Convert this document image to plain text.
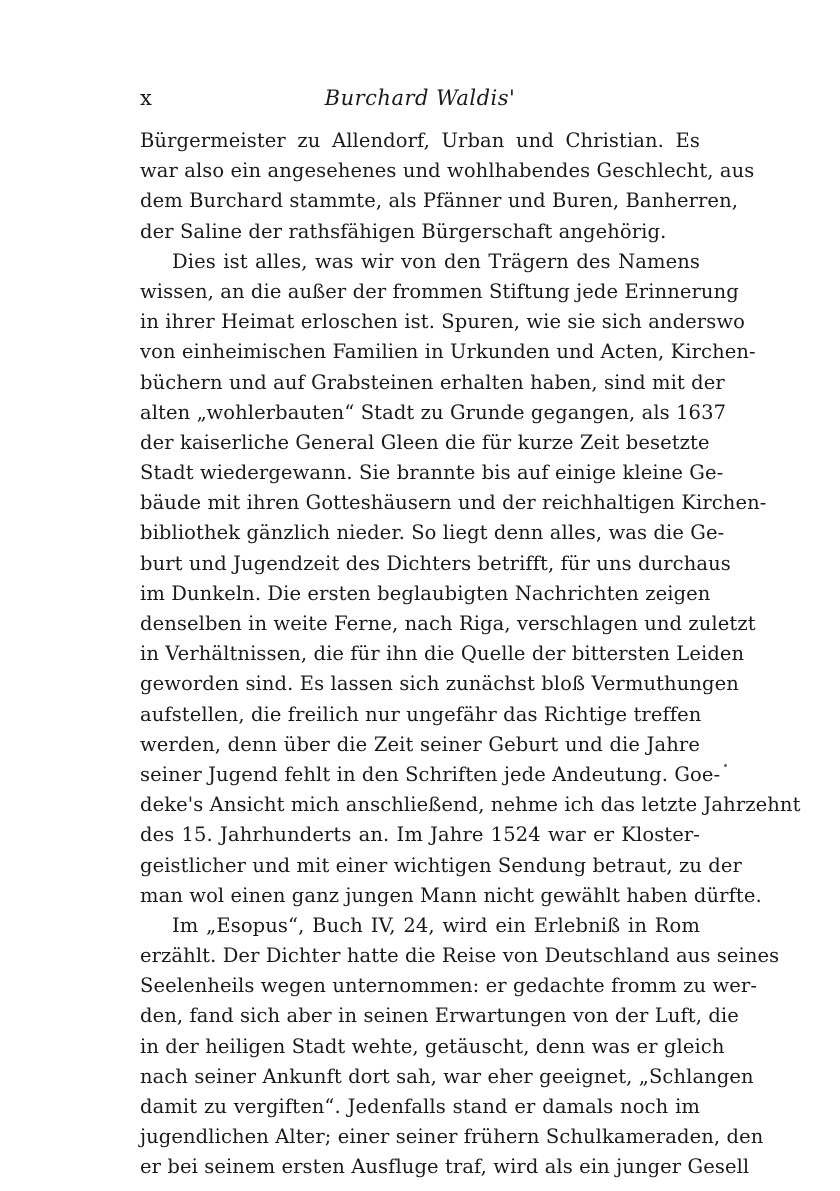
x	Burchard Waldis'
Bürgermeister zu Allendorf, Urban und Christian. Es
war also ein angesehenes und wohlhabendes Geschlecht, aus
dem Burchard stammte, als Pfänner und Buren, Banherren,
der Saline der rathsfähigen Bürgerschaft angehörig.
Dies ist alles, was wir von den Trägern des Namens
wissen, an die außer der frommen Stiftung jede Erinnerung
in ihrer Heimat erloschen ist. Spuren, wie sie sich anderswo
von einheimischen Familien in Urkunden und Acten, Kirchen-
büchern und auf Grabsteinen erhalten haben, sind mit der
alten „wohlerbauten“ Stadt zu Grunde gegangen, als 1637
der kaiserliche General Gleen die für kurze Zeit besetzte
Stadt wiedergewann. Sie brannte bis auf einige kleine Ge-
bäude mit ihren Gotteshäusern und der reichhaltigen Kirchen-
bibliothek gänzlich nieder. So liegt denn alles, was die Ge-
burt und Jugendzeit des Dichters betrifft, für uns durchaus
im Dunkeln. Die ersten beglaubigten Nachrichten zeigen
denselben in weite Ferne, nach Riga, verschlagen und zuletzt
in Verhältnissen, die für ihn die Quelle der bittersten Leiden
geworden sind. Es lassen sich zunächst bloß Vermuthungen
aufstellen, die freilich nur ungefähr das Richtige treffen
werden, denn über die Zeit seiner Geburt und die Jahre
seiner Jugend fehlt in den Schriften jede Andeutung. Goe-
deke's Ansicht mich anschließend, nehme ich das letzte Jahrzehnt
des 15. Jahrhunderts an. Im Jahre 1524 war er Kloster-
geistlicher und mit einer wichtigen Sendung betraut, zu der
man wol einen ganz jungen Mann nicht gewählt haben dürfte.
Im „Esopus“, Buch IV, 24, wird ein Erlebniß in Rom
erzählt. Der Dichter hatte die Reise von Deutschland aus seines
Seelenheils wegen unternommen: er gedachte fromm zu wer-
den, fand sich aber in seinen Erwartungen von der Luft, die
in der heiligen Stadt wehte, getäuscht, denn was er gleich
nach seiner Ankunft dort sah, war eher geeignet, „Schlangen
damit zu vergiften“. Jedenfalls stand er damals noch im
jugendlichen Alter; einer seiner frühern Schulkameraden, den
er bei seinem ersten Ausfluge traf, wird als ein junger Gesell
